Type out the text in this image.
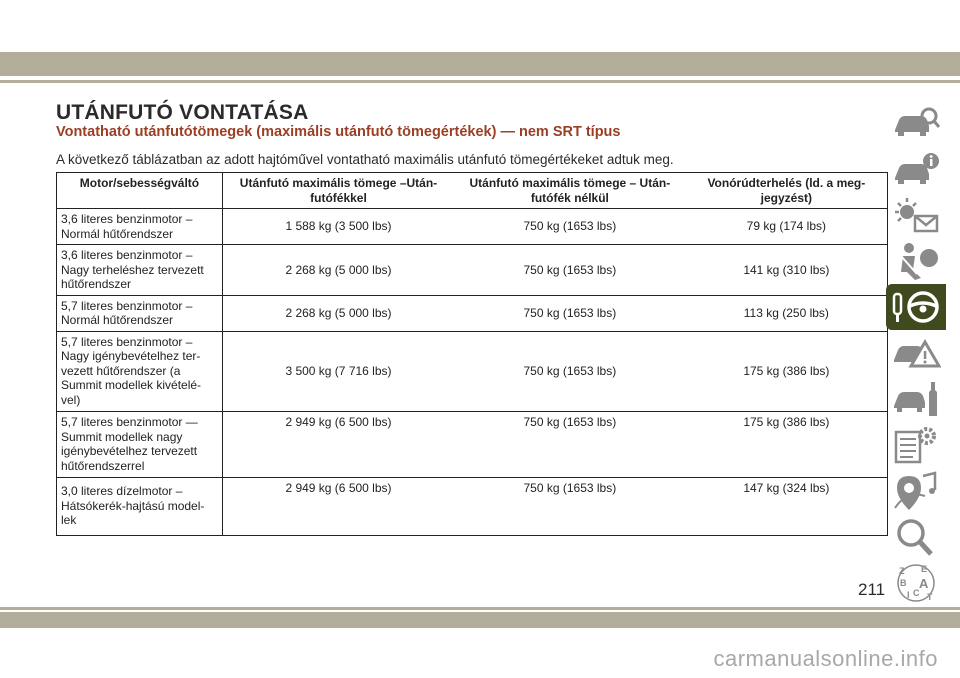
UTÁNFUTÓ VONTATÁSA
Vontatható utánfutótömegek (maximális utánfutó tömegértékek) — nem SRT típus

A következő táblázatban az adott hajtóművel vontatható maximális utánfutó tömegértékeket adtuk meg.

Motor/sebességváltó	Utánfutó maximális tömege –Után-futófékkel	Utánfutó maximális tömege – Után-futófék nélkül	Vonórúdterhelés (ld. a meg-jegyzést)
3,6 literes benzinmotor – Normál hűtőrendszer	1 588 kg (3 500 lbs)	750 kg (1653 lbs)	79 kg (174 lbs)
3,6 literes benzinmotor – Nagy terheléshez tervezett hűtőrendszer	2 268 kg (5 000 lbs)	750 kg (1653 lbs)	141 kg (310 lbs)
5,7 literes benzinmotor – Normál hűtőrendszer	2 268 kg (5 000 lbs)	750 kg (1653 lbs)	113 kg (250 lbs)
5,7 literes benzinmotor – Nagy igénybevételhez ter-vezett hűtőrendszer (a Summit modellek kivételé-vel)	3 500 kg (7 716 lbs)	750 kg (1653 lbs)	175 kg (386 lbs)
5,7 literes benzinmotor — Summit modellek nagy igénybevételhez tervezett hűtőrendszerrel	2 949 kg (6 500 lbs)	750 kg (1653 lbs)	175 kg (386 lbs)
3,0 literes dízelmotor – Hátsókerék-hajtású model-lek	2 949 kg (6 500 lbs)	750 kg (1653 lbs)	147 kg (324 lbs)
Z E
B A
I C T
211
carmanualsonline.info
